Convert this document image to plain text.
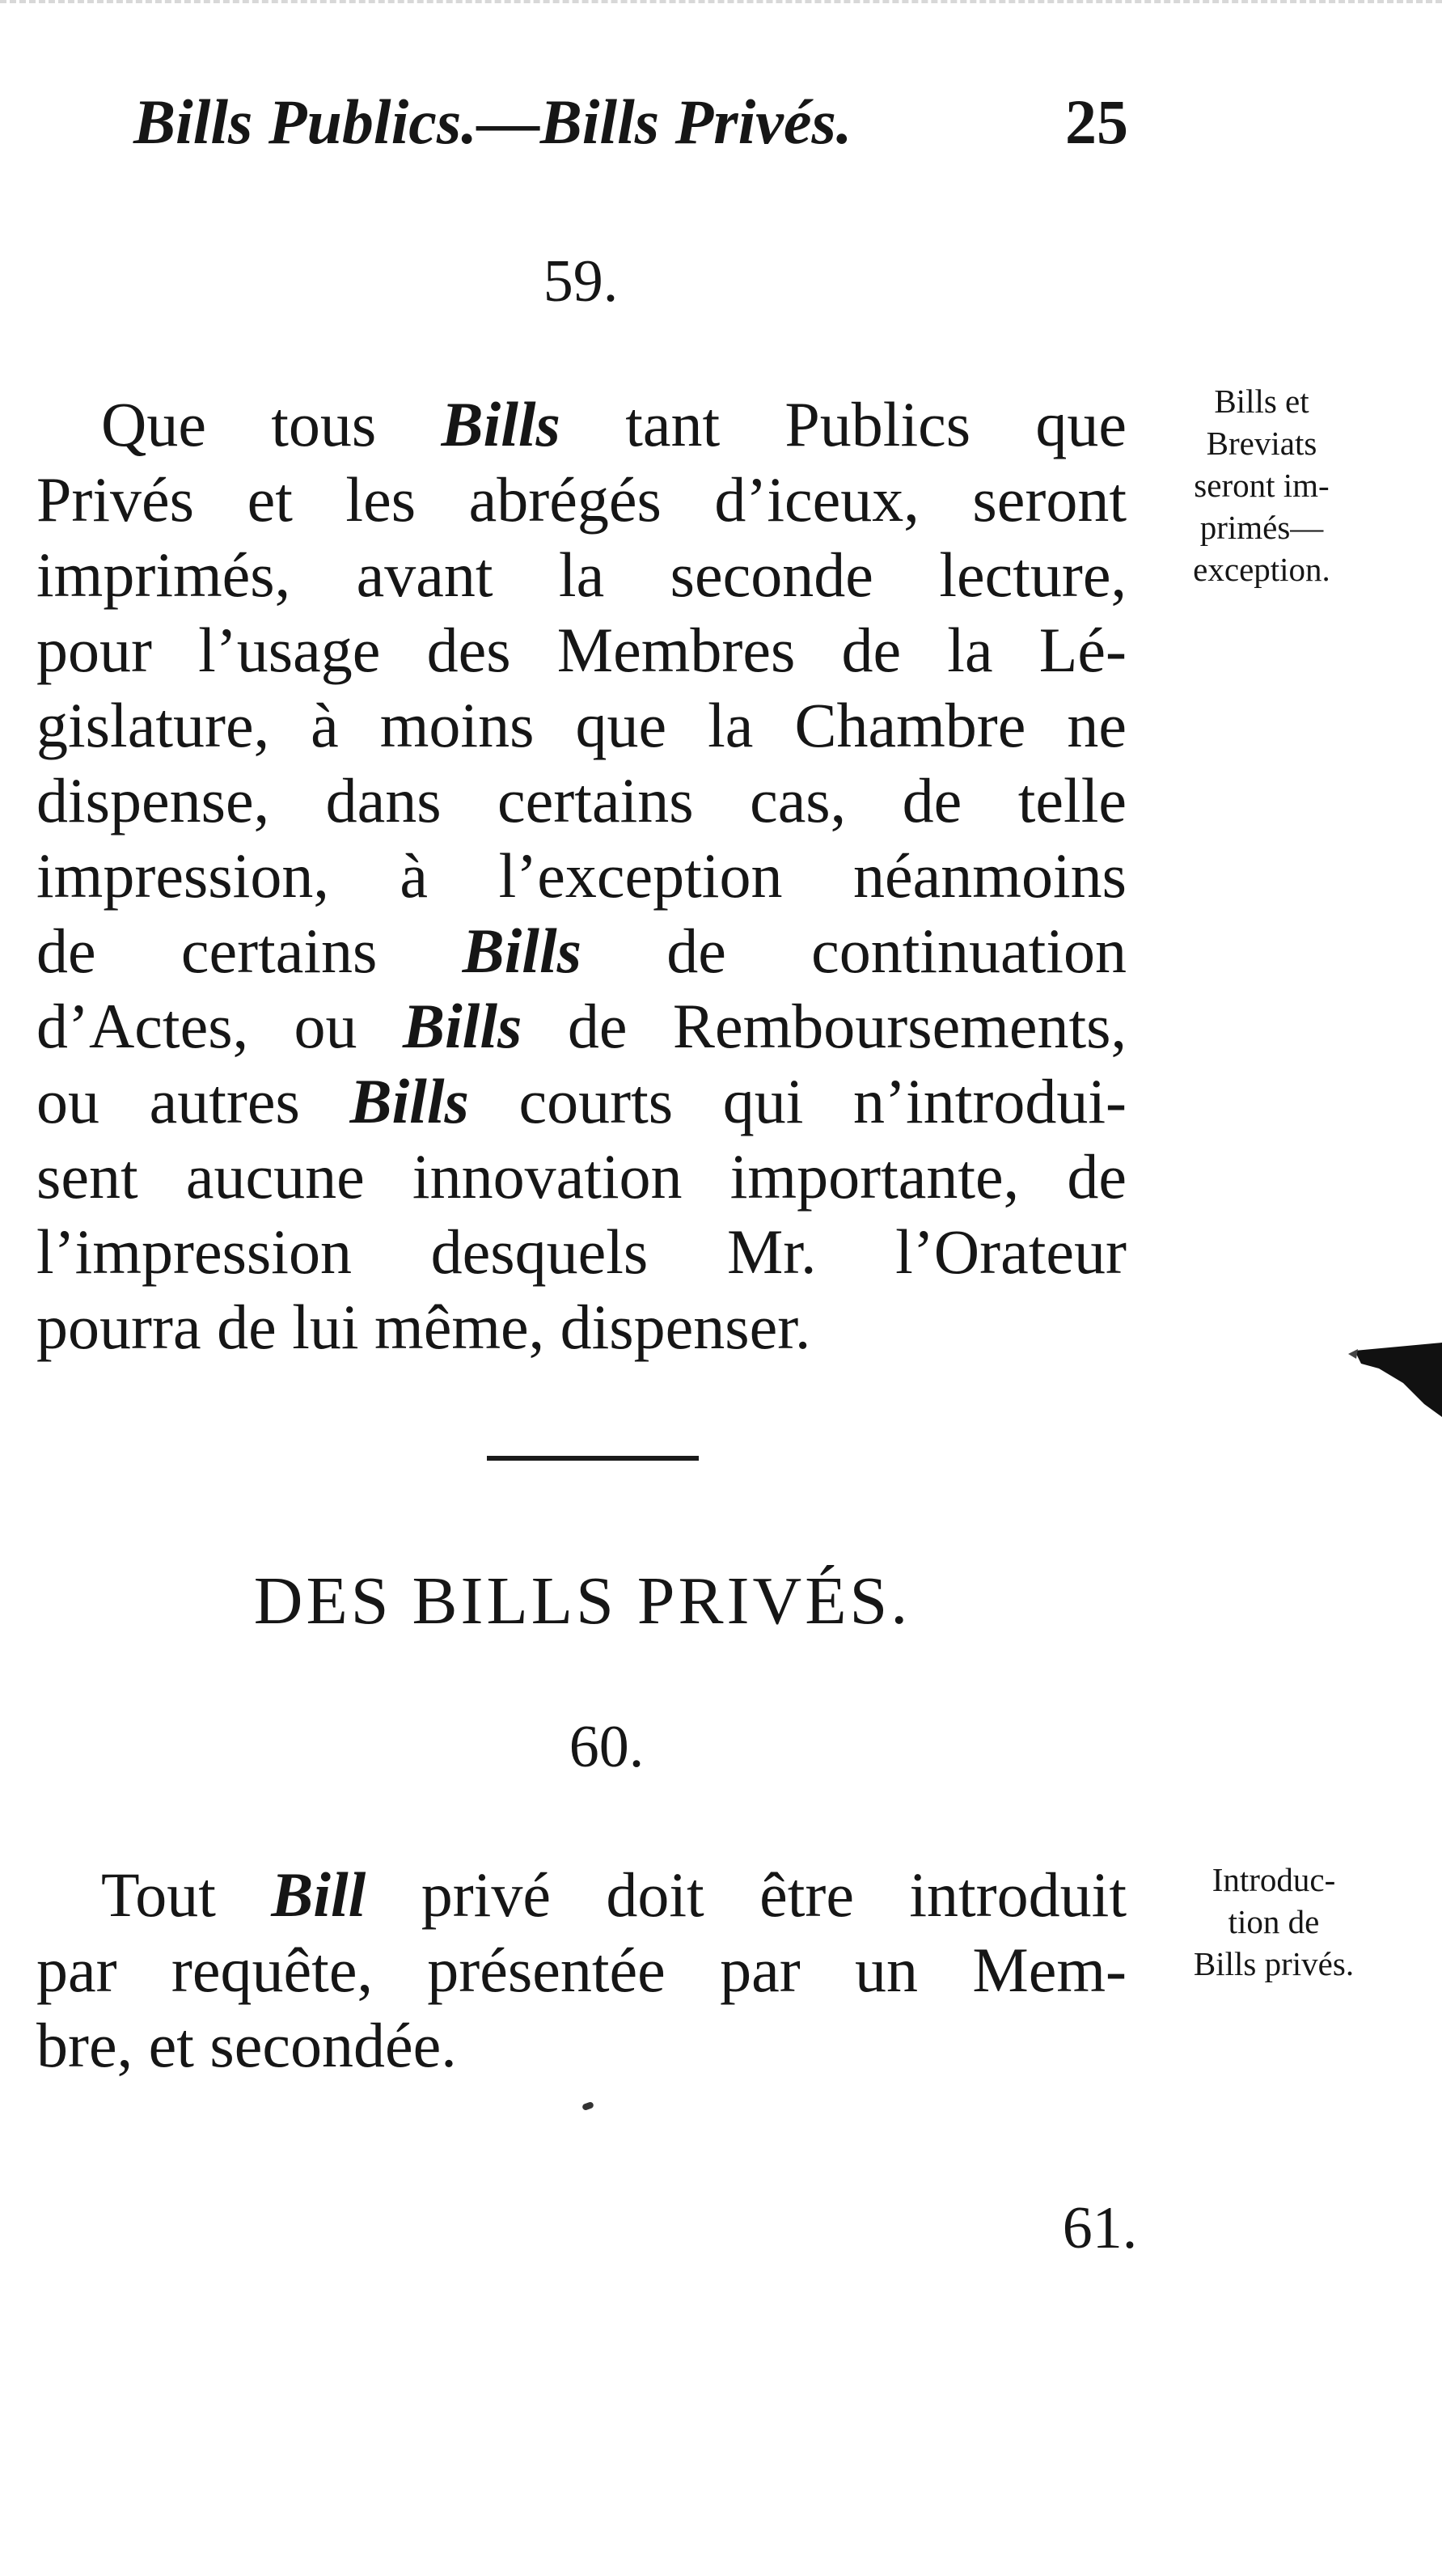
Bills Publics.—Bills Privés.	25
59.
Que tous Bills tant Publics que
Privés et les abrégés d’iceux, seront
imprimés, avant la seconde lecture,
pour l’usage des Membres de la Lé-
gislature, à moins que la Chambre ne
dispense, dans certains cas, de telle
impression, à l’exception néanmoins
de certains Bills de continuation
d’Actes, ou Bills de Remboursements,
ou autres Bills courts qui n’introdui-
sent aucune innovation importante, de
l’impression desquels Mr. l’Orateur
pourra de lui même, dispenser.
Bills et
Breviats
seront im-
primés—
exception.
DES BILLS PRIVÉS.
60.
Tout Bill privé doit être introduit
par requête, présentée par un Mem-
bre, et secondée.
Introduc-
tion de
Bills privés.
61.
